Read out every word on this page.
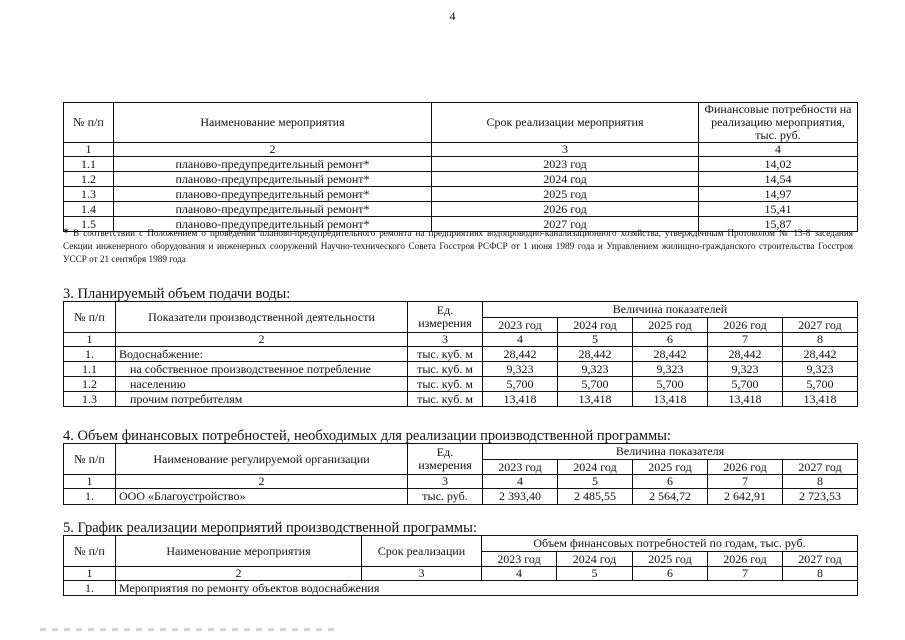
4
№ п/п	Наименование мероприятия	Срок реализации мероприятия	Финансовые потребности на реализацию мероприятия, тыс. руб.
1	2	3	4
1.1	планово-предупредительный ремонт*	2023 год	14,02
1.2	планово-предупредительный ремонт*	2024 год	14,54
1.3	планово-предупредительный ремонт*	2025 год	14,97
1.4	планово-предупредительный ремонт*	2026 год	15,41
1.5	планово-предупредительный ремонт*	2027 год	15,87
* В соответствии с Положением о проведении планово-предупредительного ремонта на предприятиях водопроводно-канализационного хозяйства, утвержденным Протоколом № 13-8 заседания Секции инженерного оборудования и инженерных сооружений Научно-технического Совета Госстроя РСФСР от 1 июня 1989 года и Управлением жилищно-гражданского строительства Госстроя УССР от 21 сентября 1989 года
3. Планируемый объем подачи воды:
№ п/п	Показатели производственной деятельности	Ед. измерения	Величина показателей				
			2023 год	2024 год	2025 год	2026 год	2027 год
1	2	3	4	5	6	7	8
1.	Водоснабжение:	тыс. куб. м	28,442	28,442	28,442	28,442	28,442
1.1	на собственное производственное потребление	тыс. куб. м	9,323	9,323	9,323	9,323	9,323
1.2	населению	тыс. куб. м	5,700	5,700	5,700	5,700	5,700
1.3	прочим потребителям	тыс. куб. м	13,418	13,418	13,418	13,418	13,418
4. Объем финансовых потребностей, необходимых для реализации производственной программы:
№ п/п	Наименование регулируемой организации	Ед. измерения	Величина показателя				
			2023 год	2024 год	2025 год	2026 год	2027 год
1	2	3	4	5	6	7	8
1.	ООО «Благоустройство»	тыс. руб.	2 393,40	2 485,55	2 564,72	2 642,91	2 723,53
5. График реализации мероприятий производственной программы:
№ п/п	Наименование мероприятия	Срок реализации	Объем финансовых потребностей по годам, тыс. руб.				
			2023 год	2024 год	2025 год	2026 год	2027 год
1	2	3	4	5	6	7	8
1.	Мероприятия по ремонту объектов водоснабжения						
